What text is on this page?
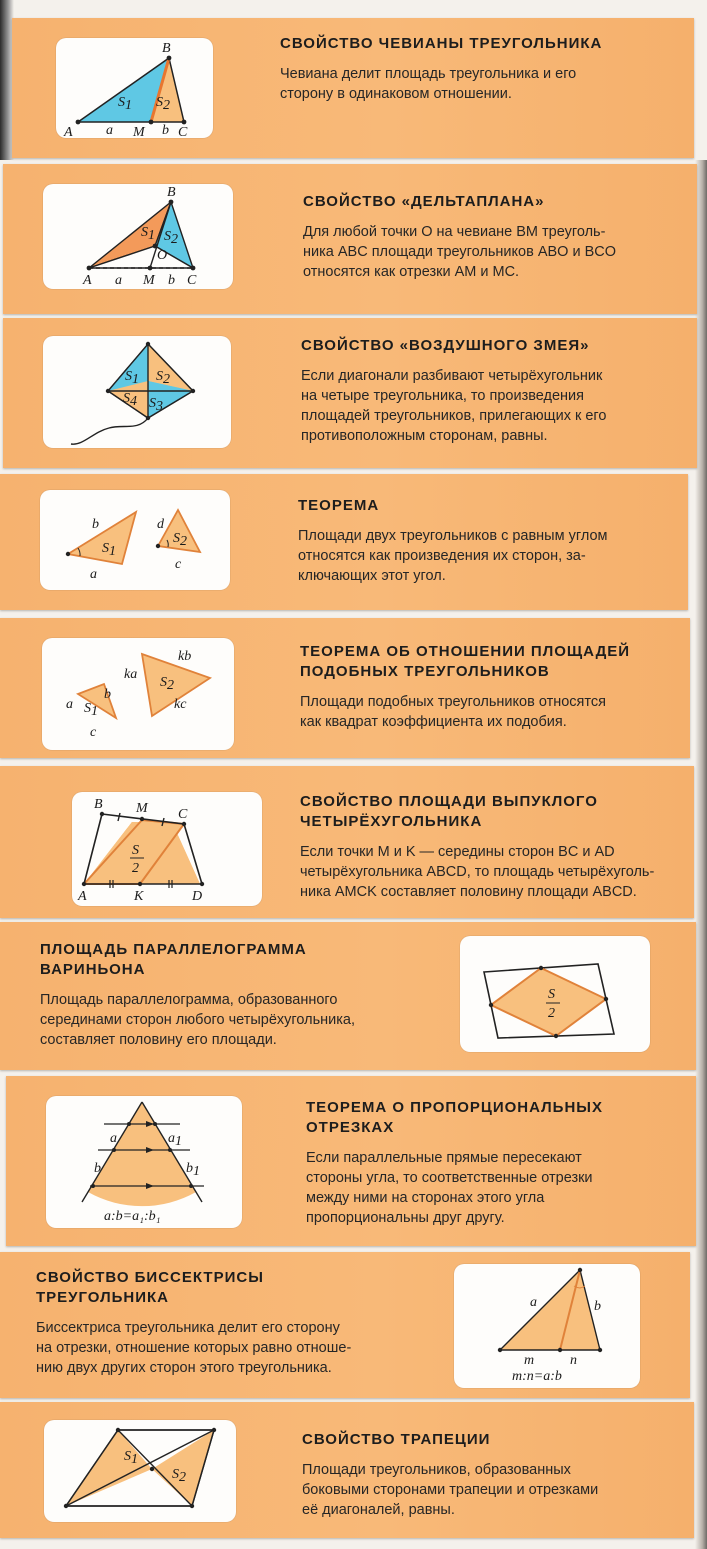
B
S1 S2
A a M b C

СВОЙСТВО ЧЕВИАНЫ ТРЕУГОЛЬНИКА

Чевиана делит площадь треугольника и его
сторону в одинаковом отношении.

B
S1 S2
O
A a M b C

СВОЙСТВО «ДЕЛЬТАПЛАНА»

Для любой точки O на чевиане BM треуголь-
ника ABC площади треугольников ABO и BCO
относятся как отрезки AM и MC.

S1 S2
S4 S3

СВОЙСТВО «ВОЗДУШНОГО ЗМЕЯ»

Если диагонали разбивают четырёхугольник
на четыре треугольника, то произведения
площадей треугольников, прилегающих к его
противоположным сторонам, равны.

b
a
S1
d
c
S2

ТЕОРЕМА

Площади двух треугольников с равным углом
относятся как произведения их сторон, за-
ключающих этот угол.

kb
ka
S2
kc
a
b
S1
c

ТЕОРЕМА ОБ ОТНОШЕНИИ ПЛОЩАДЕЙ
ПОДОБНЫХ ТРЕУГОЛЬНИКОВ

Площади подобных треугольников относятся
как квадрат коэффициента их подобия.

B M C
S
2
A	K	D

СВОЙСТВО ПЛОЩАДИ ВЫПУКЛОГО
ЧЕТЫРЁХУГОЛЬНИКА

Если точки M и K — середины сторон BC и AD
четырёхугольника ABCD, то площадь четырёхуголь-
ника AMCK составляет половину площади ABCD.

ПЛОЩАДЬ ПАРАЛЛЕЛОГРАММА
ВАРИНЬОНА

Площадь параллелограмма, образованного
серединами сторон любого четырёхугольника,
составляет половину его площади.

S
2
a	a1
b	b1
a:b=a₁:b₁

ТЕОРЕМА О ПРОПОРЦИОНАЛЬНЫХ
ОТРЕЗКАХ

Если параллельные прямые пересекают
стороны угла, то соответственные отрезки
между ними на сторонах этого угла
пропорциональны друг другу.

СВОЙСТВО БИССЕКТРИСЫ
ТРЕУГОЛЬНИКА

Биссектриса треугольника делит его сторону
на отрезки, отношение которых равно отноше-
нию двух других сторон этого треугольника.

a	b
m	n
m:n=a:b
S1
S2

СВОЙСТВО ТРАПЕЦИИ

Площади треугольников, образованных
боковыми сторонами трапеции и отрезками
её диагоналей, равны.
